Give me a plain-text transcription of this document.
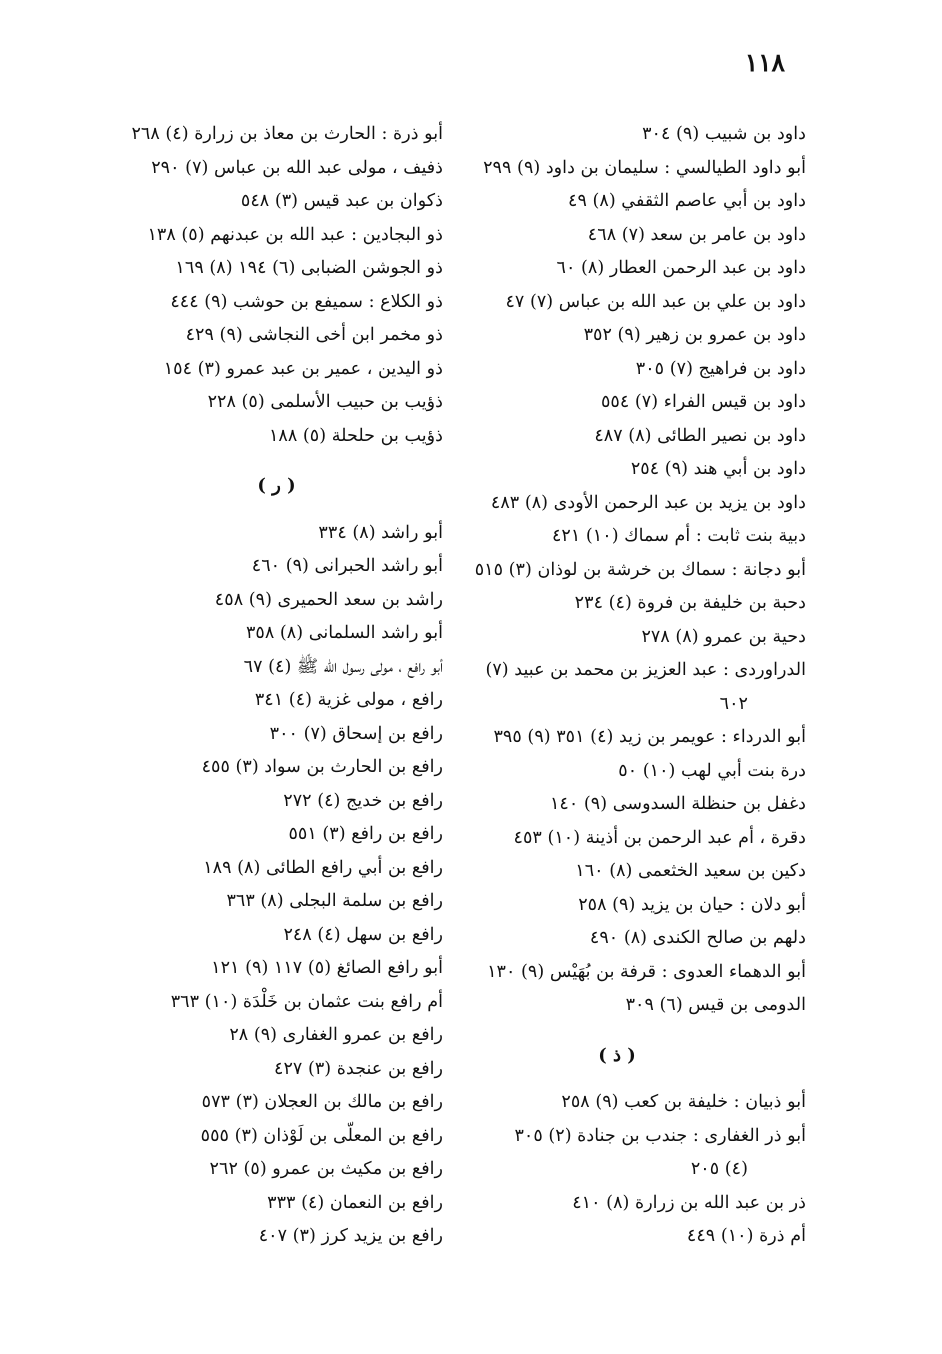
١١٨
داود بن شبيب (٩) ٣٠٤
أبو داود الطيالسي : سليمان بن داود (٩) ٢٩٩
داود بن أبي عاصم الثقفي (٨) ٤٩
داود بن عامر بن سعد (٧) ٤٦٨
داود بن عبد الرحمن العطار (٨) ٦٠
داود بن علي بن عبد الله بن عباس (٧) ٤٧
داود بن عمرو بن زهير (٩) ٣٥٢
داود بن فراهيج (٧) ٣٠٥
داود بن قيس الفراء (٧) ٥٥٤
داود بن نصير الطائى (٨) ٤٨٧
داود بن أبي هند (٩) ٢٥٤
داود بن يزيد بن عبد الرحمن الأودى (٨) ٤٨٣
دبية بنت ثابت : أم سماك (١٠) ٤٢١
أبو دجانة : سماك بن خرشة بن لوذان (٣) ٥١٥
دحبة بن خليفة بن فروة (٤) ٢٣٤
دحية بن عمرو (٨) ٢٧٨
الدراوردى : عبد العزيز بن محمد بن عبيد (٧)
٦٠٢
أبو الدرداء : عويمر بن زيد (٤) ٣٥١ (٩) ٣٩٥
درة بنت أبي لهب (١٠) ٥٠
دغفل بن حنظلة السدوسى (٩) ١٤٠
دقرة ، أم عبد الرحمن بن أذينة (١٠) ٤٥٣
دكين بن سعيد الخثعمى (٨) ١٦٠
أبو دلان : حيان بن يزيد (٩) ٢٥٨
دلهم بن صالح الكندى (٨) ٤٩٠
أبو الدهماء العدوى : قرفة بن بُهَيْس (٩) ١٣٠
الدومى بن قيس (٦) ٣٠٩
( ذ )
أبو ذبيان : خليفة بن كعب (٩) ٢٥٨
أبو ذر الغفارى : جندب بن جنادة (٢) ٣٠٥
(٤) ٢٠٥
ذر بن عبد الله بن زرارة (٨) ٤١٠
أم ذرة (١٠) ٤٤٩
أبو ذرة : الحارث بن معاذ بن زرارة (٤) ٢٦٨
ذفيف ، مولى عبد الله بن عباس (٧) ٢٩٠
ذكوان بن عبد قيس (٣) ٥٤٨
ذو البجادين : عبد الله بن عبدنهم (٥) ١٣٨
ذو الجوشن الضبابى (٦) ١٩٤ (٨) ١٦٩
ذو الكلاع : سميفع بن حوشب (٩) ٤٤٤
ذو مخمر ابن أخى النجاشى (٩) ٤٢٩
ذو اليدين ، عمير بن عبد عمرو (٣) ١٥٤
ذؤيب بن حبيب الأسلمى (٥) ٢٢٨
ذؤيب بن حلحلة (٥) ١٨٨
( ر )
أبو راشد (٨) ٣٣٤
أبو راشد الحبرانى (٩) ٤٦٠
راشد بن سعد الحميرى (٩) ٤٥٨
أبو راشد السلمانى (٨) ٣٥٨
أبو رافع ، مولى رسول الله ﷺ (٤) ٦٧
رافع ، مولى غزية (٤) ٣٤١
رافع بن إسحاق (٧) ٣٠٠
رافع بن الحارث بن سواد (٣) ٤٥٥
رافع بن خديج (٤) ٢٧٢
رافع بن رافع (٣) ٥٥١
رافع بن أبي رافع الطائى (٨) ١٨٩
رافع بن سلمة البجلى (٨) ٣٦٣
رافع بن سهل (٤) ٢٤٨
أبو رافع الصائغ (٥) ١١٧ (٩) ١٢١
أم رافع بنت عثمان بن خَلْدَة (١٠) ٣٦٣
رافع بن عمرو الغفارى (٩) ٢٨
رافع بن عنجدة (٣) ٤٢٧
رافع بن مالك بن العجلان (٣) ٥٧٣
رافع بن المعلّى بن لَوْذان (٣) ٥٥٥
رافع بن مكيث بن عمرو (٥) ٢٦٢
رافع بن النعمان (٤) ٣٣٣
رافع بن يزيد كرز (٣) ٤٠٧
